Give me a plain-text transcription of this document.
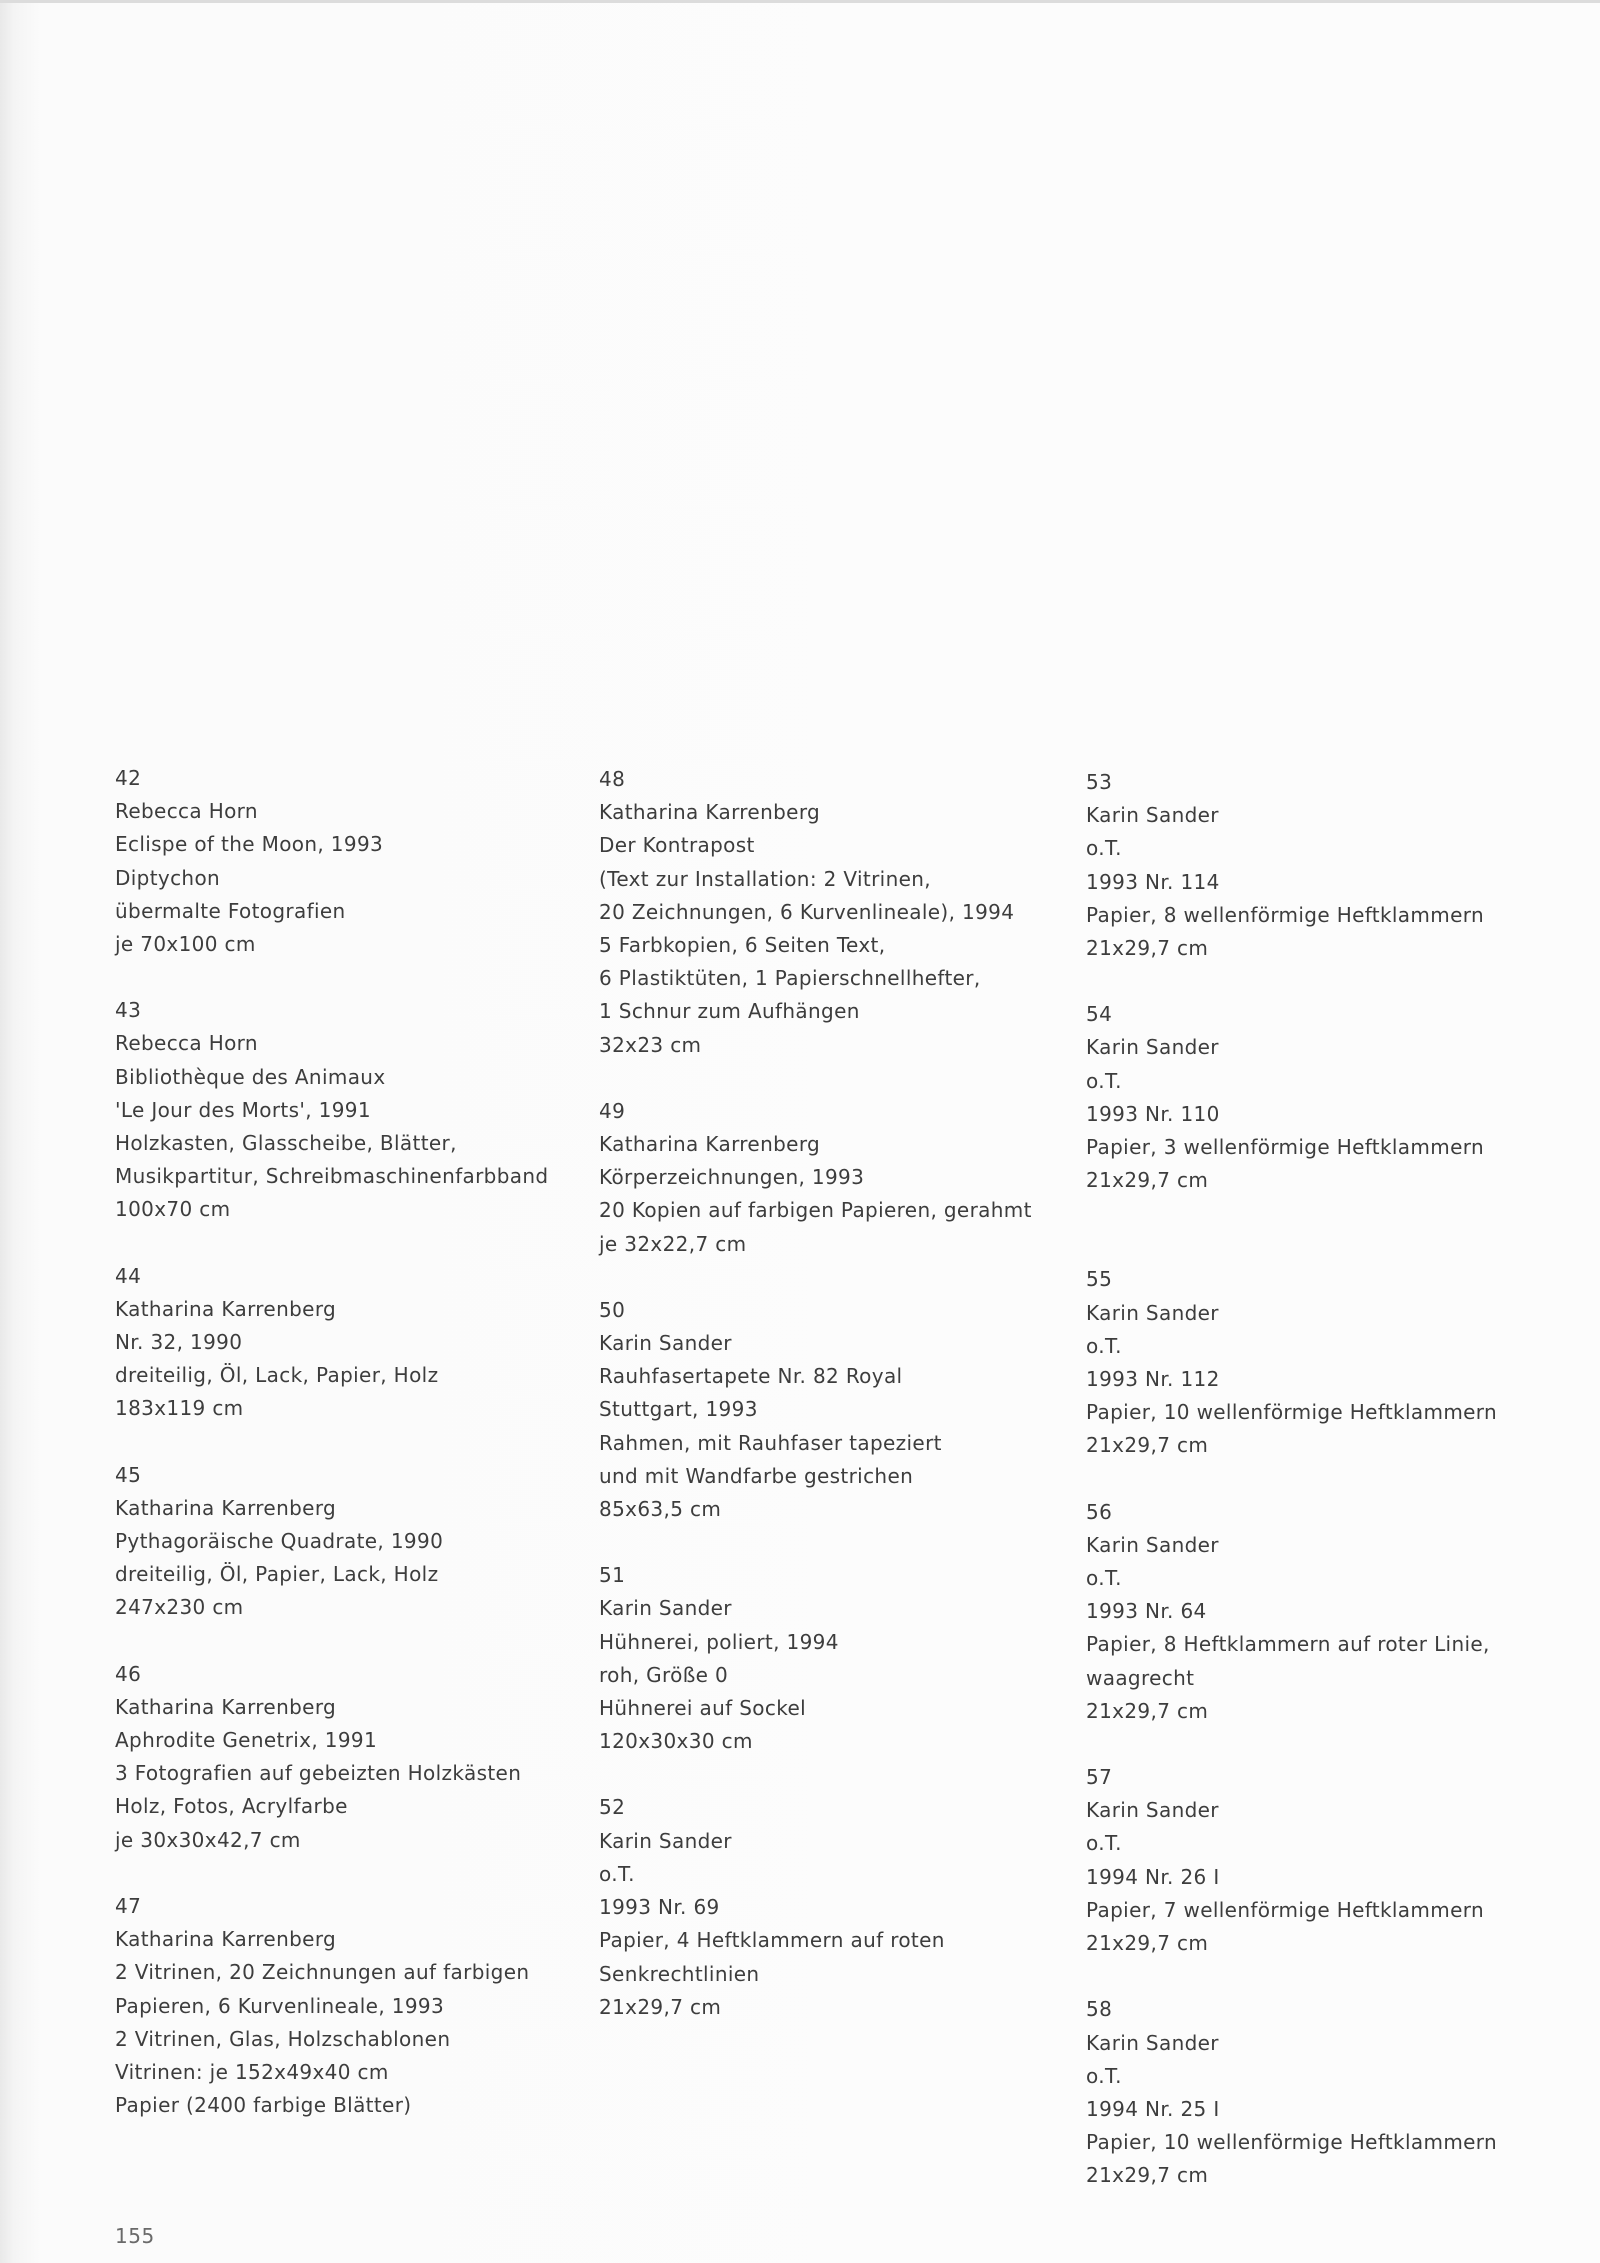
42
Rebecca Horn
Eclispe of the Moon, 1993
Diptychon
übermalte Fotografien
je 70x100 cm
43
Rebecca Horn
Bibliothèque des Animaux
'Le Jour des Morts', 1991
Holzkasten, Glasscheibe, Blätter,
Musikpartitur, Schreibmaschinenfarbband
100x70 cm
44
Katharina Karrenberg
Nr. 32, 1990
dreiteilig, Öl, Lack, Papier, Holz
183x119 cm
45
Katharina Karrenberg
Pythagoräische Quadrate, 1990
dreiteilig, Öl, Papier, Lack, Holz
247x230 cm
46
Katharina Karrenberg
Aphrodite Genetrix, 1991
3 Fotografien auf gebeizten Holzkästen
Holz, Fotos, Acrylfarbe
je 30x30x42,7 cm
47
Katharina Karrenberg
2 Vitrinen, 20 Zeichnungen auf farbigen
Papieren, 6 Kurvenlineale, 1993
2 Vitrinen, Glas, Holzschablonen
Vitrinen: je 152x49x40 cm
Papier (2400 farbige Blätter)
48
Katharina Karrenberg
Der Kontrapost
(Text zur Installation: 2 Vitrinen,
20 Zeichnungen, 6 Kurvenlineale), 1994
5 Farbkopien, 6 Seiten Text,
6 Plastiktüten, 1 Papierschnellhefter,
1 Schnur zum Aufhängen
32x23 cm
49
Katharina Karrenberg
Körperzeichnungen, 1993
20 Kopien auf farbigen Papieren, gerahmt
je 32x22,7 cm
50
Karin Sander
Rauhfasertapete Nr. 82 Royal
Stuttgart, 1993
Rahmen, mit Rauhfaser tapeziert
und mit Wandfarbe gestrichen
85x63,5 cm
51
Karin Sander
Hühnerei, poliert, 1994
roh, Größe 0
Hühnerei auf Sockel
120x30x30 cm
52
Karin Sander
o.T.
1993 Nr. 69
Papier, 4 Heftklammern auf roten
Senkrechtlinien
21x29,7 cm
53
Karin Sander
o.T.
1993 Nr. 114
Papier, 8 wellenförmige Heftklammern
21x29,7 cm
54
Karin Sander
o.T.
1993 Nr. 110
Papier, 3 wellenförmige Heftklammern
21x29,7 cm
55
Karin Sander
o.T.
1993 Nr. 112
Papier, 10 wellenförmige Heftklammern
21x29,7 cm
56
Karin Sander
o.T.
1993 Nr. 64
Papier, 8 Heftklammern auf roter Linie,
waagrecht
21x29,7 cm
57
Karin Sander
o.T.
1994 Nr. 26 I
Papier, 7 wellenförmige Heftklammern
21x29,7 cm
58
Karin Sander
o.T.
1994 Nr. 25 I
Papier, 10 wellenförmige Heftklammern
21x29,7 cm
155
